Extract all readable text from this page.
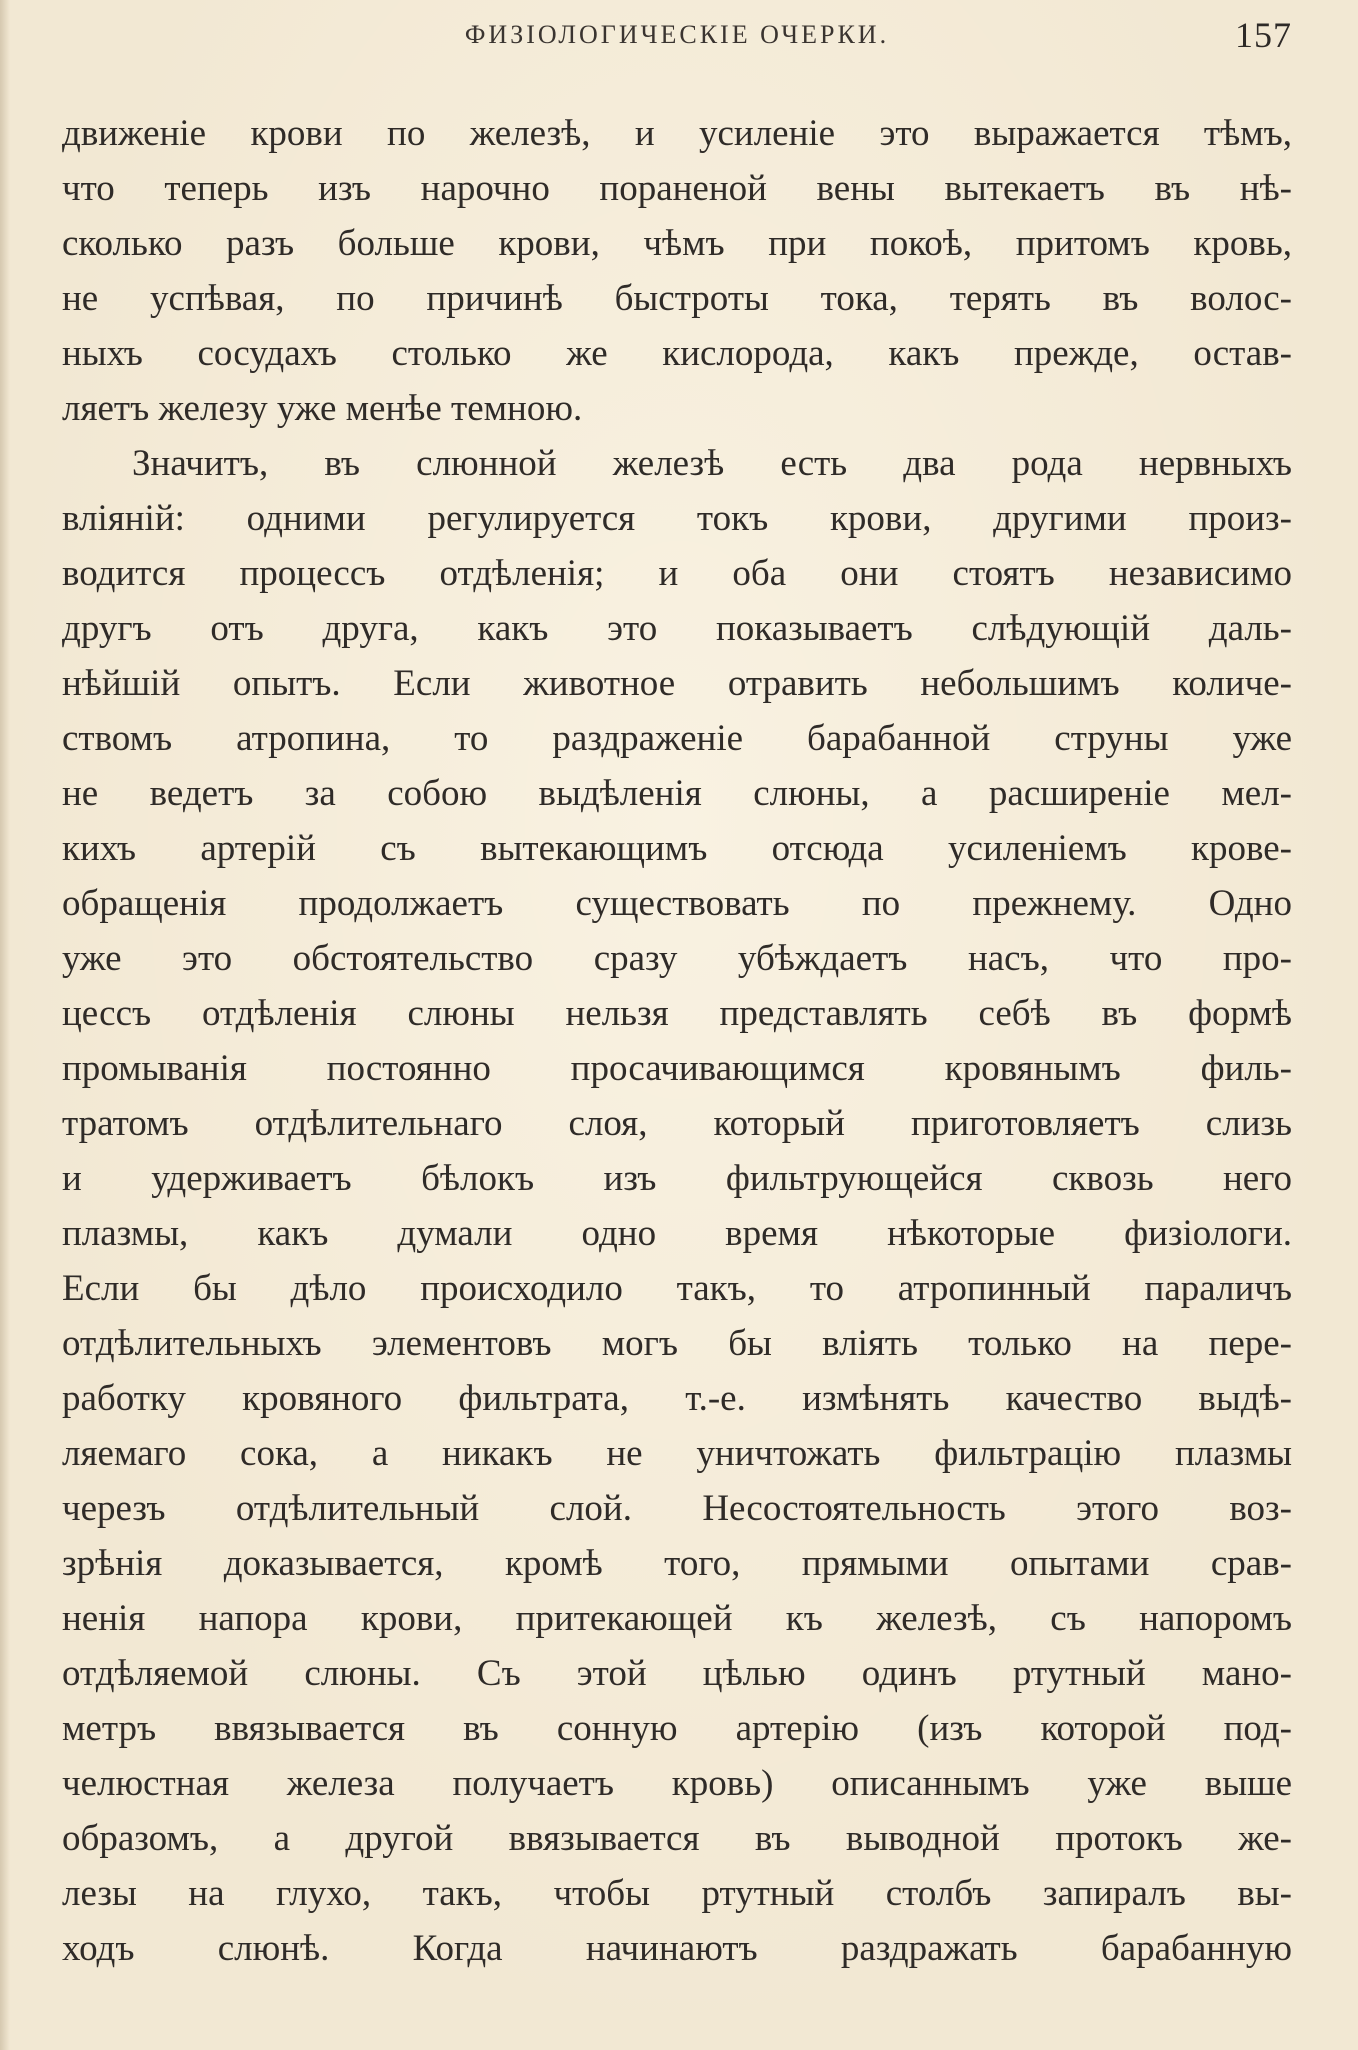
ФИЗIОЛОГИЧЕСКIЕ ОЧЕРКИ.	157
движенiе крови по железѣ, и усиленiе это выражается тѣмъ,
что теперь изъ нарочно пораненой вены вытекаетъ въ нѣ-
сколько разъ больше крови, чѣмъ при покоѣ, притомъ кровь,
не успѣвая, по причинѣ быстроты тока, терять въ волос-
ныхъ сосудахъ столько же кислорода, какъ прежде, остав-
ляетъ железу уже менѣе темною.
Значитъ, въ слюнной железѣ есть два рода нервныхъ
влiянiй: одними регулируется токъ крови, другими произ-
водится процессъ отдѣленiя; и оба они стоятъ независимо
другъ отъ друга, какъ это показываетъ слѣдующiй даль-
нѣйшiй опытъ. Если животное отравить небольшимъ количе-
ствомъ атропина, то раздраженiе барабанной струны уже
не ведетъ за собою выдѣленiя слюны, а расширенiе мел-
кихъ артерiй съ вытекающимъ отсюда усиленiемъ крове-
обращенiя продолжаетъ существовать по прежнему. Одно
уже это обстоятельство сразу убѣждаетъ насъ, что про-
цессъ отдѣленiя слюны нельзя представлять себѣ въ формѣ
промыванiя постоянно просачивающимся кровянымъ филь-
тратомъ отдѣлительнаго слоя, который приготовляетъ слизь
и удерживаетъ бѣлокъ изъ фильтрующейся сквозь него
плазмы, какъ думали одно время нѣкоторые физiологи.
Если бы дѣло происходило такъ, то атропинный параличъ
отдѣлительныхъ элементовъ могъ бы влiять только на пере-
работку кровяного фильтрата, т.-е. измѣнять качество выдѣ-
ляемаго сока, а никакъ не уничтожать фильтрацiю плазмы
черезъ отдѣлительный слой. Несостоятельность этого воз-
зрѣнiя доказывается, кромѣ того, прямыми опытами срав-
ненiя напора крови, притекающей къ железѣ, съ напоромъ
отдѣляемой слюны. Съ этой цѣлью одинъ ртутный мано-
метръ ввязывается въ сонную артерiю (изъ которой под-
челюстная железа получаетъ кровь) описаннымъ уже выше
образомъ, а другой ввязывается въ выводной протокъ же-
лезы на глухо, такъ, чтобы ртутный столбъ запиралъ вы-
ходъ слюнѣ. Когда начинаютъ раздражать барабанную
